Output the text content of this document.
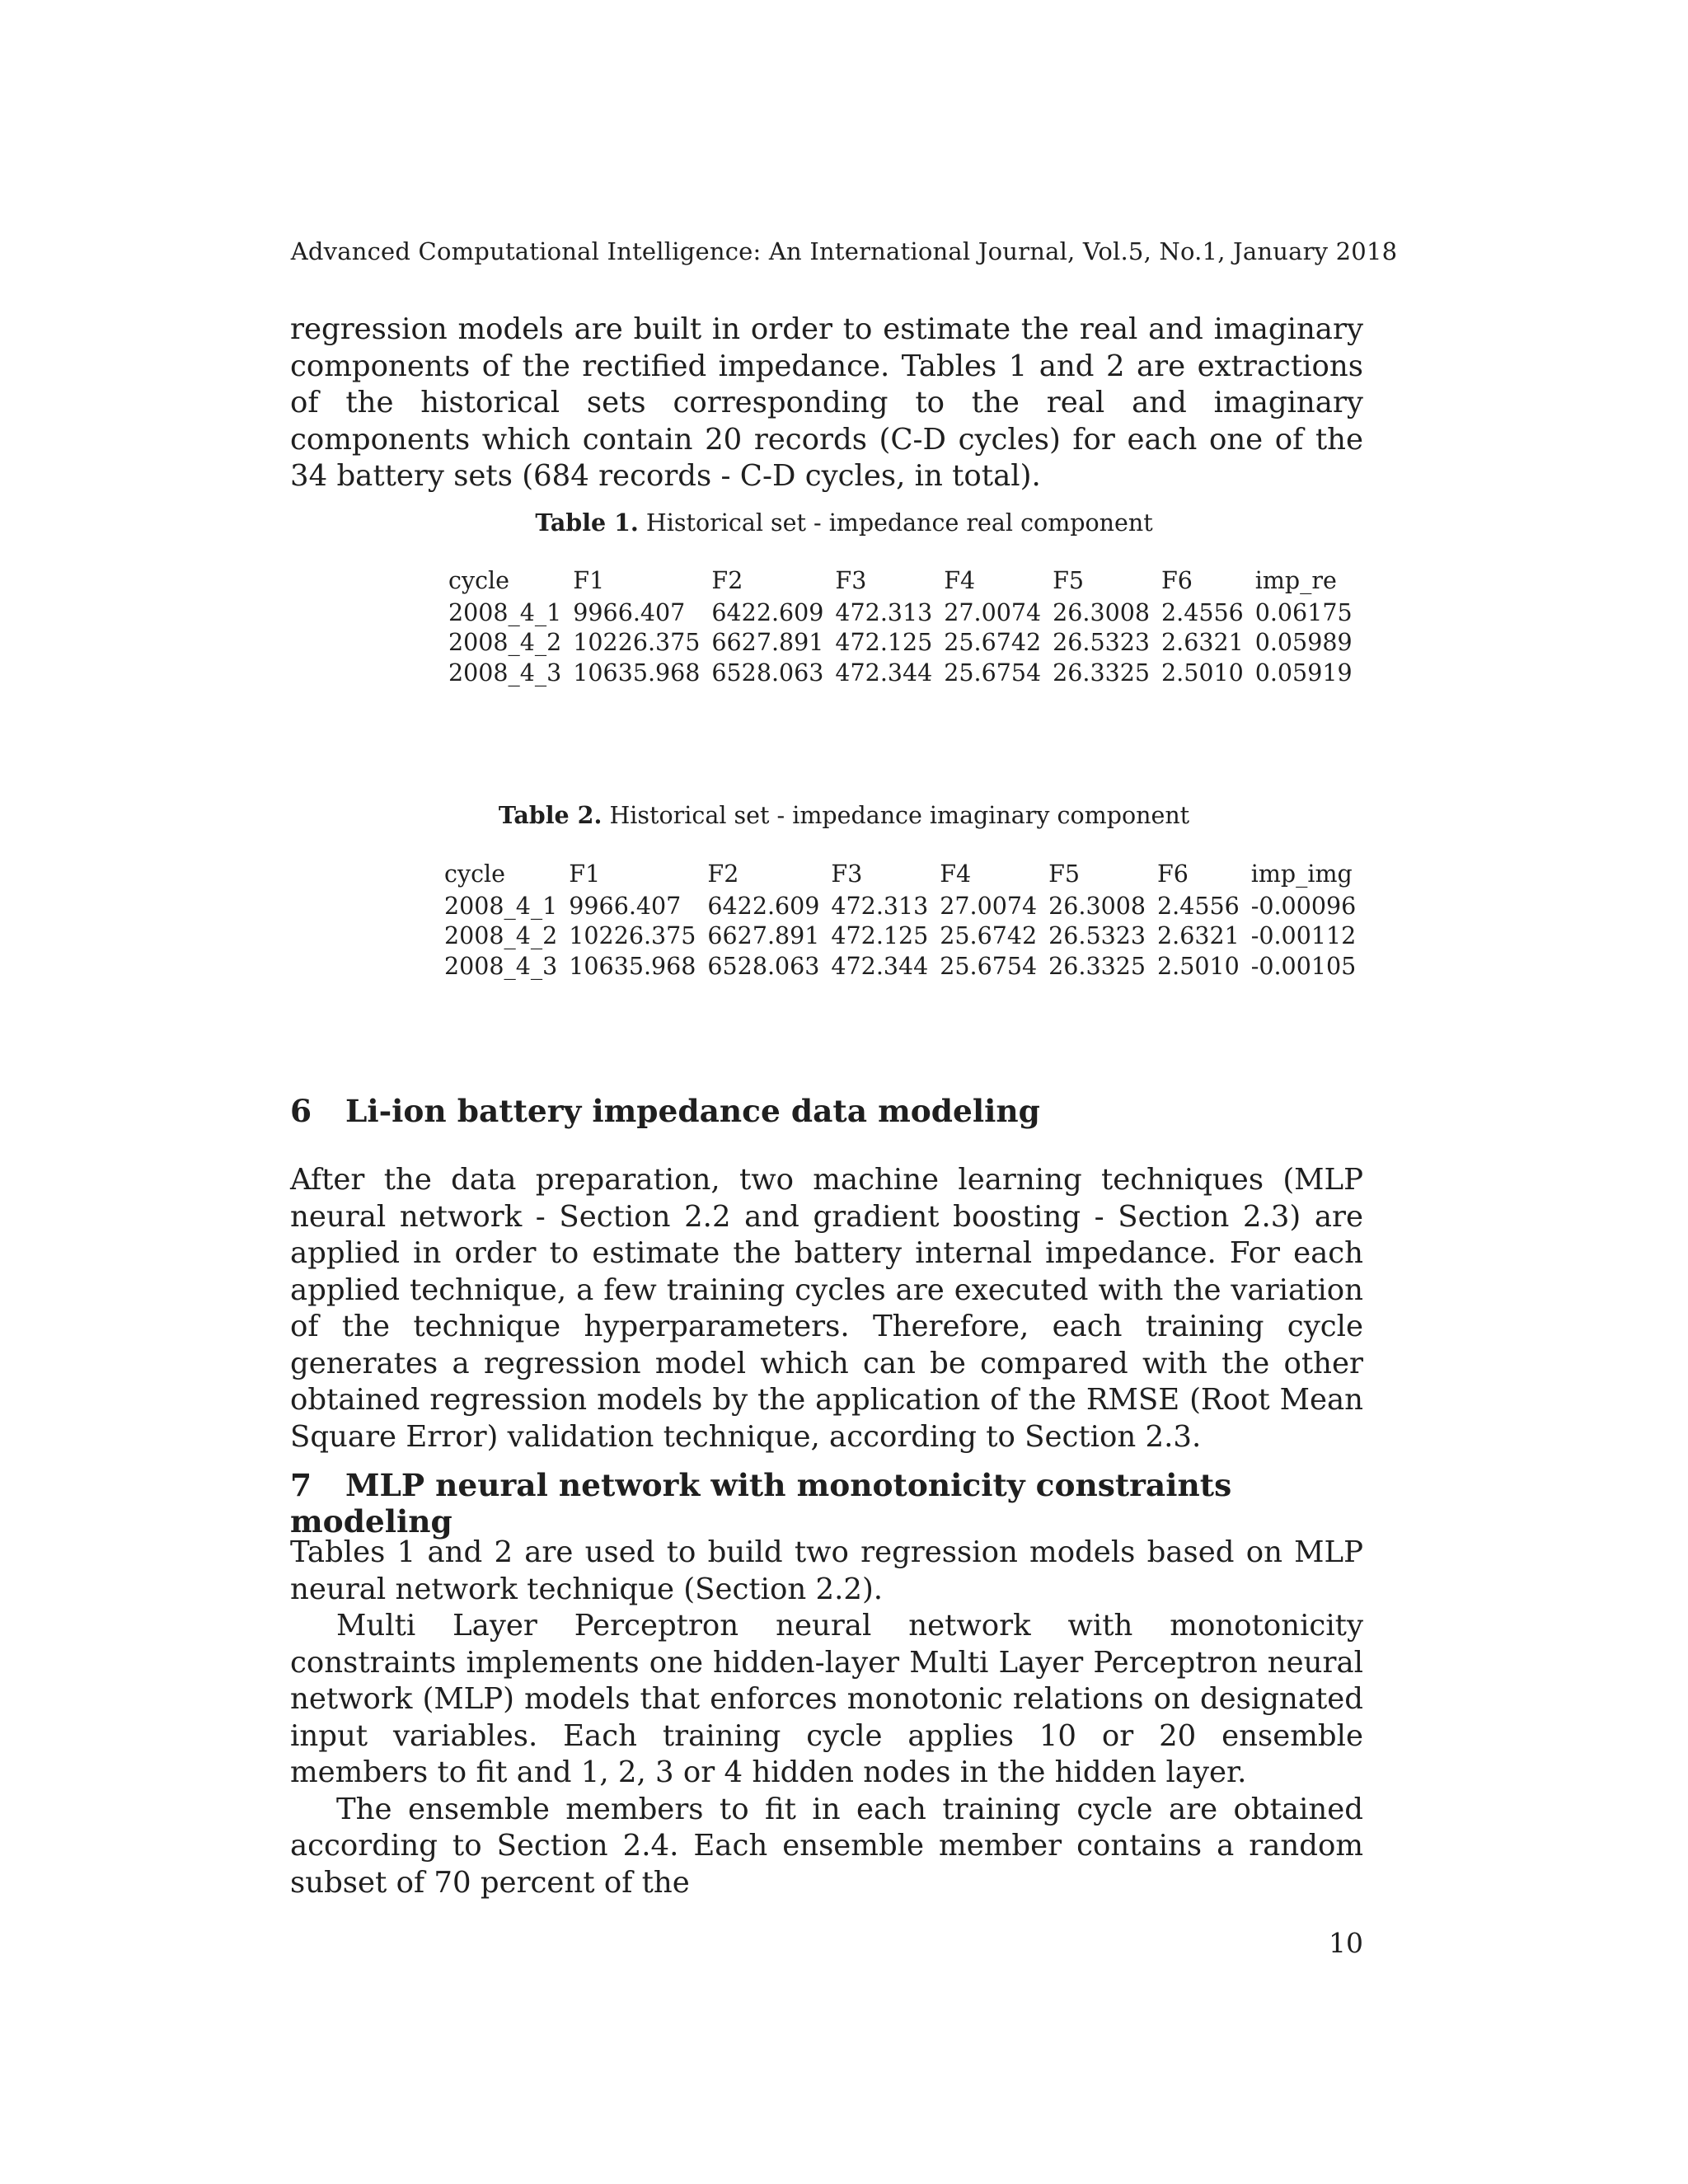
Advanced Computational Intelligence: An International Journal, Vol.5, No.1, January 2018

regression models are built in order to estimate the real and imaginary components of the rectified impedance. Tables 1 and 2 are extractions of the historical sets corresponding to the real and imaginary components which contain 20 records (C-D cycles) for each one of the 34 battery sets (684 records - C-D cycles, in total).

Table 1. Historical set - impedance real component
cycle	F1	F2	F3	F4	F5	F6	imp_re
2008_4_1	9966.407	6422.609	472.313	27.0074	26.3008	2.4556	0.06175
2008_4_2	10226.375	6627.891	472.125	25.6742	26.5323	2.6321	0.05989
2008_4_3	10635.968	6528.063	472.344	25.6754	26.3325	2.5010	0.05919
Table 2. Historical set - impedance imaginary component
cycle	F1	F2	F3	F4	F5	F6	imp_img
2008_4_1	9966.407	6422.609	472.313	27.0074	26.3008	2.4556	-0.00096
2008_4_2	10226.375	6627.891	472.125	25.6742	26.5323	2.6321	-0.00112
2008_4_3	10635.968	6528.063	472.344	25.6754	26.3325	2.5010	-0.00105
6 Li-ion battery impedance data modeling

After the data preparation, two machine learning techniques (MLP neural network - Section 2.2 and gradient boosting - Section 2.3) are applied in order to estimate the battery internal impedance. For each applied technique, a few training cycles are executed with the variation of the technique hyperparameters. Therefore, each training cycle generates a regression model which can be compared with the other obtained regression models by the application of the RMSE (Root Mean Square Error) validation technique, according to Section 2.3.

7 MLP neural network with monotonicity constraints modeling

Tables 1 and 2 are used to build two regression models based on MLP neural network technique (Section 2.2).

Multi Layer Perceptron neural network with monotonicity constraints implements one hidden-layer Multi Layer Perceptron neural network (MLP) models that enforces monotonic relations on designated input variables. Each training cycle applies 10 or 20 ensemble members to fit and 1, 2, 3 or 4 hidden nodes in the hidden layer.

The ensemble members to fit in each training cycle are obtained according to Section 2.4. Each ensemble member contains a random subset of 70 percent of the

10
